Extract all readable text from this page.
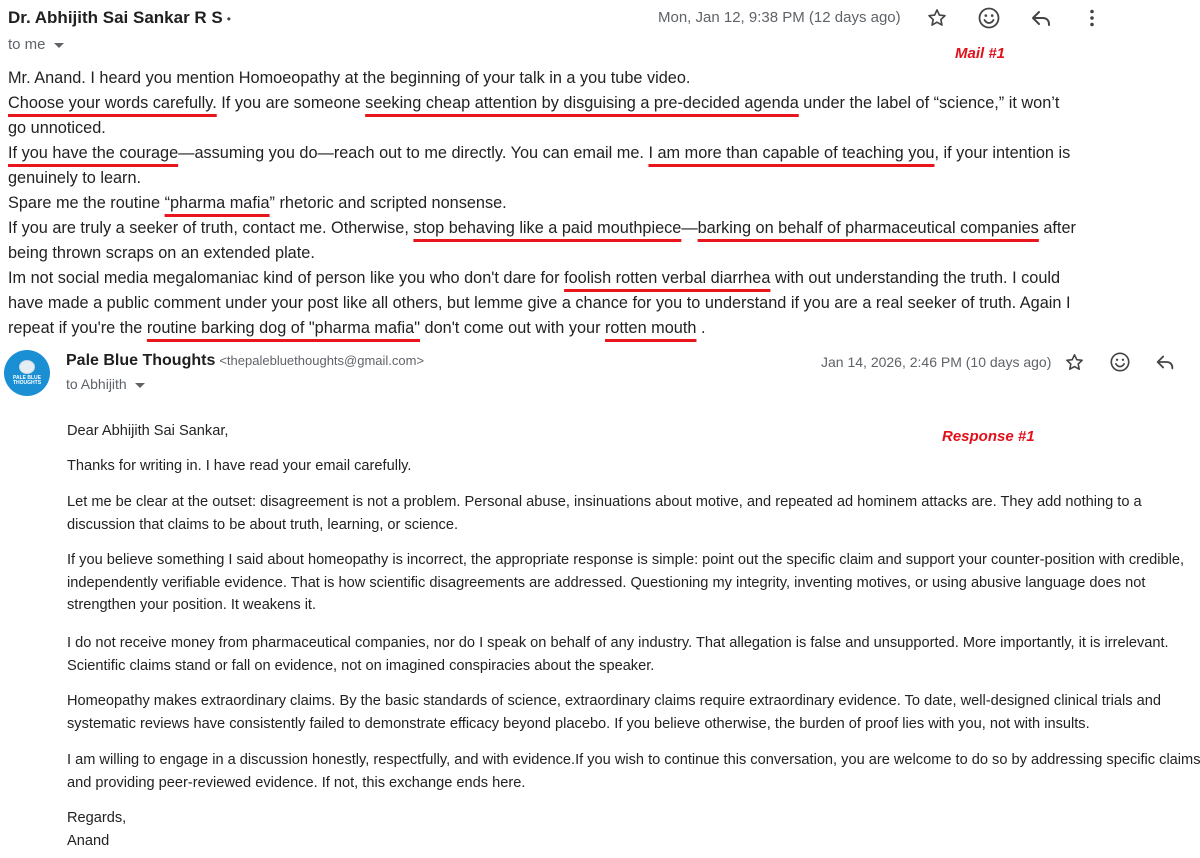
Dr. Abhijith Sai Sankar R S •
to me
Mon, Jan 12, 9:38 PM (12 days ago)
Mail #1
Mr. Anand. I heard you mention Homoeopathy at the beginning of your talk in a you tube video.
Choose your words carefully. If you are someone seeking cheap attention by disguising a pre-decided agenda under the label of “science,” it won’t
go unnoticed.
If you have the courage—assuming you do—reach out to me directly. You can email me. I am more than capable of teaching you, if your intention is
genuinely to learn.
Spare me the routine “pharma mafia” rhetoric and scripted nonsense.
If you are truly a seeker of truth, contact me. Otherwise, stop behaving like a paid mouthpiece—barking on behalf of pharmaceutical companies after
being thrown scraps on an extended plate.
Im not social media megalomaniac kind of person like you who don't dare for foolish rotten verbal diarrhea with out understanding the truth. I could
have made a public comment under your post like all others, but lemme give a chance for you to understand if you are a real seeker of truth. Again I
repeat if you're the routine barking dog of "pharma mafia" don't come out with your rotten mouth .
PALE BLUE THOUGHTS
Pale Blue Thoughts <thepalebluethoughts@gmail.com>
to Abhijith
Jan 14, 2026, 2:46 PM (10 days ago)
Response #1
Dear Abhijith Sai Sankar,
Thanks for writing in. I have read your email carefully.
Let me be clear at the outset: disagreement is not a problem. Personal abuse, insinuations about motive, and repeated ad hominem attacks are. They add nothing to a
discussion that claims to be about truth, learning, or science.
If you believe something I said about homeopathy is incorrect, the appropriate response is simple: point out the specific claim and support your counter-position with credible,
independently verifiable evidence. That is how scientific disagreements are addressed. Questioning my integrity, inventing motives, or using abusive language does not
strengthen your position. It weakens it.
I do not receive money from pharmaceutical companies, nor do I speak on behalf of any industry. That allegation is false and unsupported. More importantly, it is irrelevant.
Scientific claims stand or fall on evidence, not on imagined conspiracies about the speaker.
Homeopathy makes extraordinary claims. By the basic standards of science, extraordinary claims require extraordinary evidence. To date, well-designed clinical trials and
systematic reviews have consistently failed to demonstrate efficacy beyond placebo. If you believe otherwise, the burden of proof lies with you, not with insults.
I am willing to engage in a discussion honestly, respectfully, and with evidence.If you wish to continue this conversation, you are welcome to do so by addressing specific claims
and providing peer-reviewed evidence. If not, this exchange ends here.
Regards,
Anand
